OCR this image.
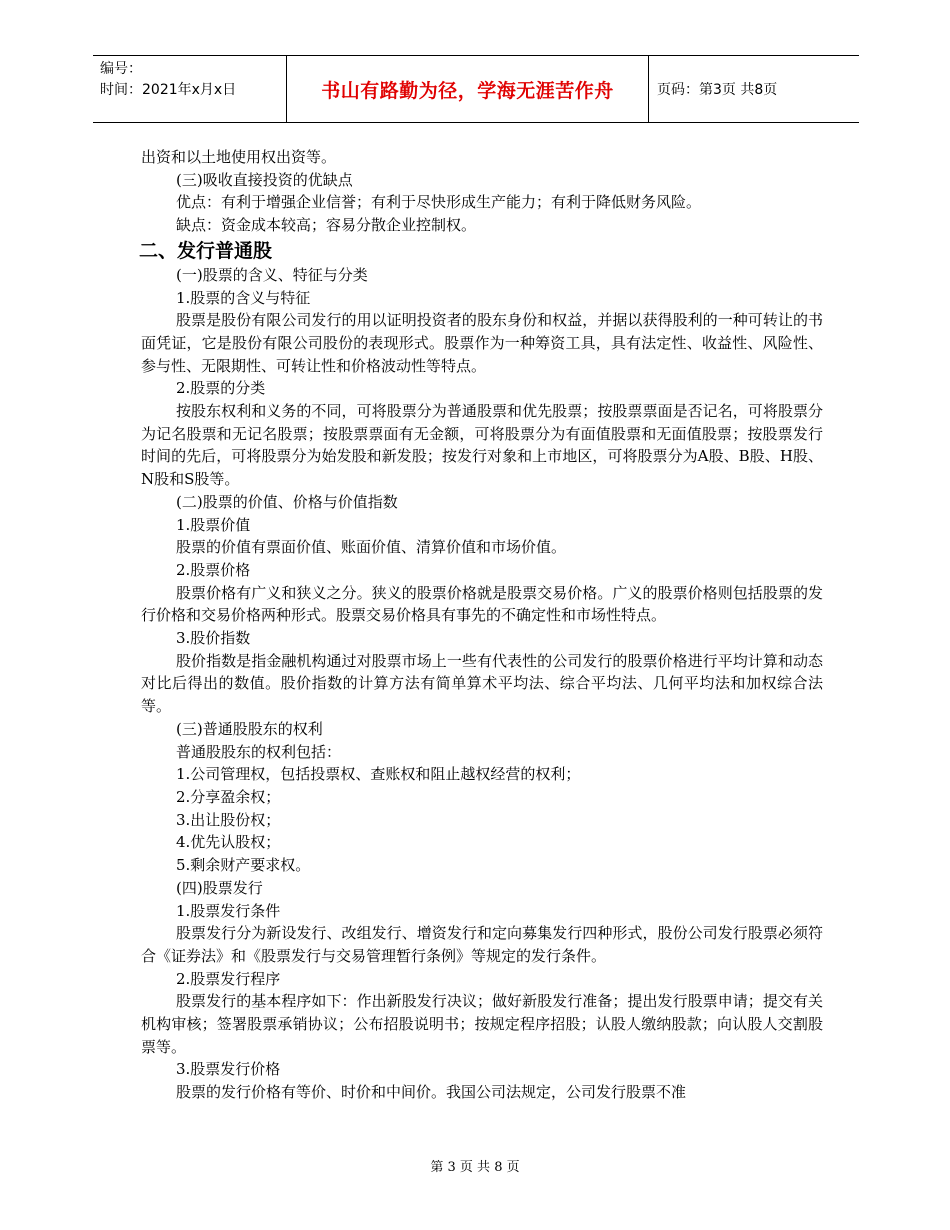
编号：
时间：2021年x月x日	书山有路勤为径，学海无涯苦作舟	页码：第3页 共8页

出资和以土地使用权出资等。

(三)吸收直接投资的优缺点

优点：有利于增强企业信誉；有利于尽快形成生产能力；有利于降低财务风险。

缺点：资金成本较高；容易分散企业控制权。

二、发行普通股

(一)股票的含义、特征与分类

1.股票的含义与特征

股票是股份有限公司发行的用以证明投资者的股东身份和权益，并据以获得股利的一种可转让的书面凭证，它是股份有限公司股份的表现形式。股票作为一种筹资工具，具有法定性、收益性、风险性、参与性、无限期性、可转让性和价格波动性等特点。

2.股票的分类

按股东权利和义务的不同，可将股票分为普通股票和优先股票；按股票票面是否记名，可将股票分为记名股票和无记名股票；按股票票面有无金额，可将股票分为有面值股票和无面值股票；按股票发行时间的先后，可将股票分为始发股和新发股；按发行对象和上市地区，可将股票分为A股、B股、H股、N股和S股等。

(二)股票的价值、价格与价值指数

1.股票价值

股票的价值有票面价值、账面价值、清算价值和市场价值。

2.股票价格

股票价格有广义和狭义之分。狭义的股票价格就是股票交易价格。广义的股票价格则包括股票的发行价格和交易价格两种形式。股票交易价格具有事先的不确定性和市场性特点。

3.股价指数

股价指数是指金融机构通过对股票市场上一些有代表性的公司发行的股票价格进行平均计算和动态对比后得出的数值。股价指数的计算方法有简单算术平均法、综合平均法、几何平均法和加权综合法等。

(三)普通股股东的权利

普通股股东的权利包括：

1.公司管理权，包括投票权、查账权和阻止越权经营的权利；

2.分享盈余权；

3.出让股份权；

4.优先认股权；

5.剩余财产要求权。

(四)股票发行

1.股票发行条件

股票发行分为新设发行、改组发行、增资发行和定向募集发行四种形式，股份公司发行股票必须符合《证券法》和《股票发行与交易管理暂行条例》等规定的发行条件。

2.股票发行程序

股票发行的基本程序如下：作出新股发行决议；做好新股发行准备；提出发行股票申请；提交有关机构审核；签署股票承销协议；公布招股说明书；按规定程序招股；认股人缴纳股款；向认股人交割股票等。

3.股票发行价格

股票的发行价格有等价、时价和中间价。我国公司法规定，公司发行股票不准

第 3 页 共 8 页
